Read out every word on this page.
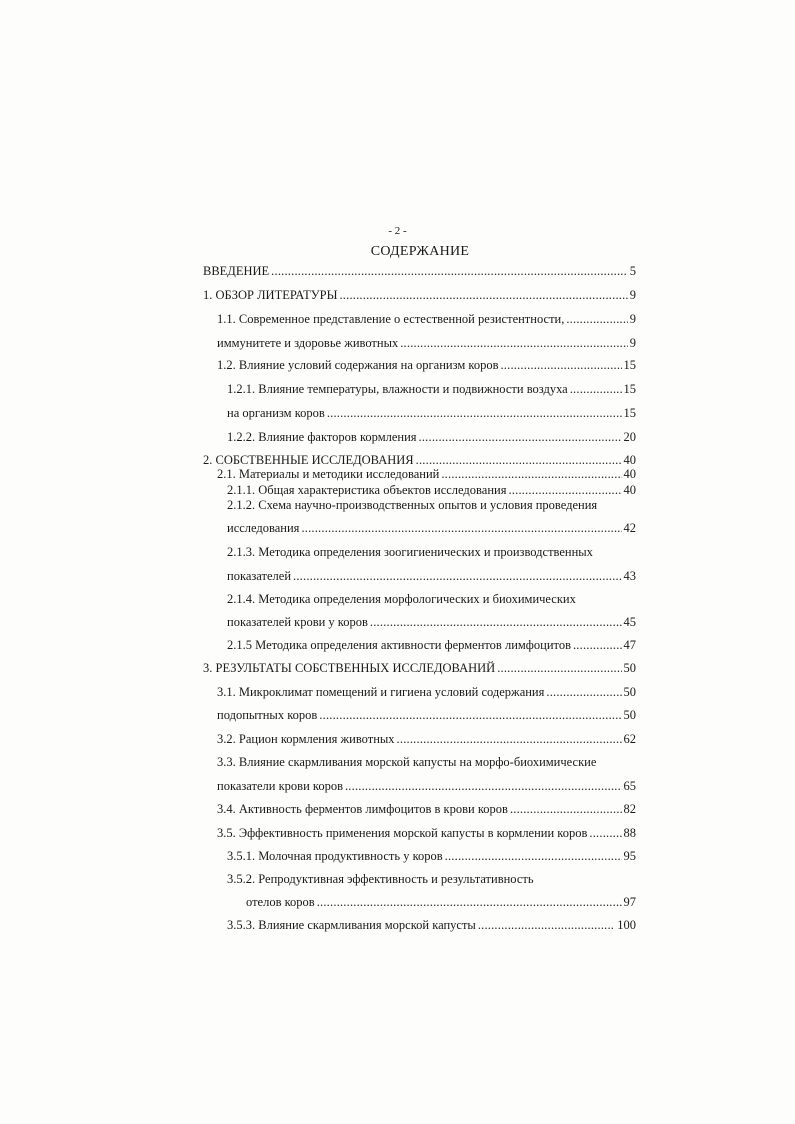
- 2 -
СОДЕРЖАНИЕ
ВВЕДЕНИЕ .....	5
1. ОБЗОР ЛИТЕРАТУРЫ .....	9
1.1. Современное представление о естественной резистентности, .....	9
иммунитете и здоровье животных .....	9
1.2. Влияние условий содержания на организм коров .....	15
1.2.1. Влияние температуры, влажности и подвижности воздуха .....	15
на организм коров .....	15
1.2.2. Влияние факторов кормления .....	20
2. СОБСТВЕННЫЕ ИССЛЕДОВАНИЯ .....	40
2.1. Материалы и методики исследований .....	40
2.1.1. Общая характеристика объектов исследования .....	40
2.1.2. Схема научно-производственных опытов и условия проведения
исследования .....	42
2.1.3. Методика определения зоогигиенических и производственных
показателей .....	43
2.1.4. Методика определения морфологических и биохимических
показателей крови у коров .....	45
2.1.5 Методика определения активности ферментов лимфоцитов .....	47
3. РЕЗУЛЬТАТЫ СОБСТВЕННЫХ ИССЛЕДОВАНИЙ .....	50
3.1. Микроклимат помещений и гигиена условий содержания .....	50
подопытных коров .....	50
3.2. Рацион кормления животных .....	62
3.3. Влияние скармливания морской капусты на морфо-биохимические
показатели крови коров .....	65
3.4. Активность ферментов лимфоцитов в крови коров .....	82
3.5. Эффективность применения морской капусты в кормлении коров .....	88
3.5.1. Молочная продуктивность у коров .....	95
3.5.2. Репродуктивная эффективность и результативность
отелов коров .....	97
3.5.3. Влияние скармливания морской капусты .....	100
